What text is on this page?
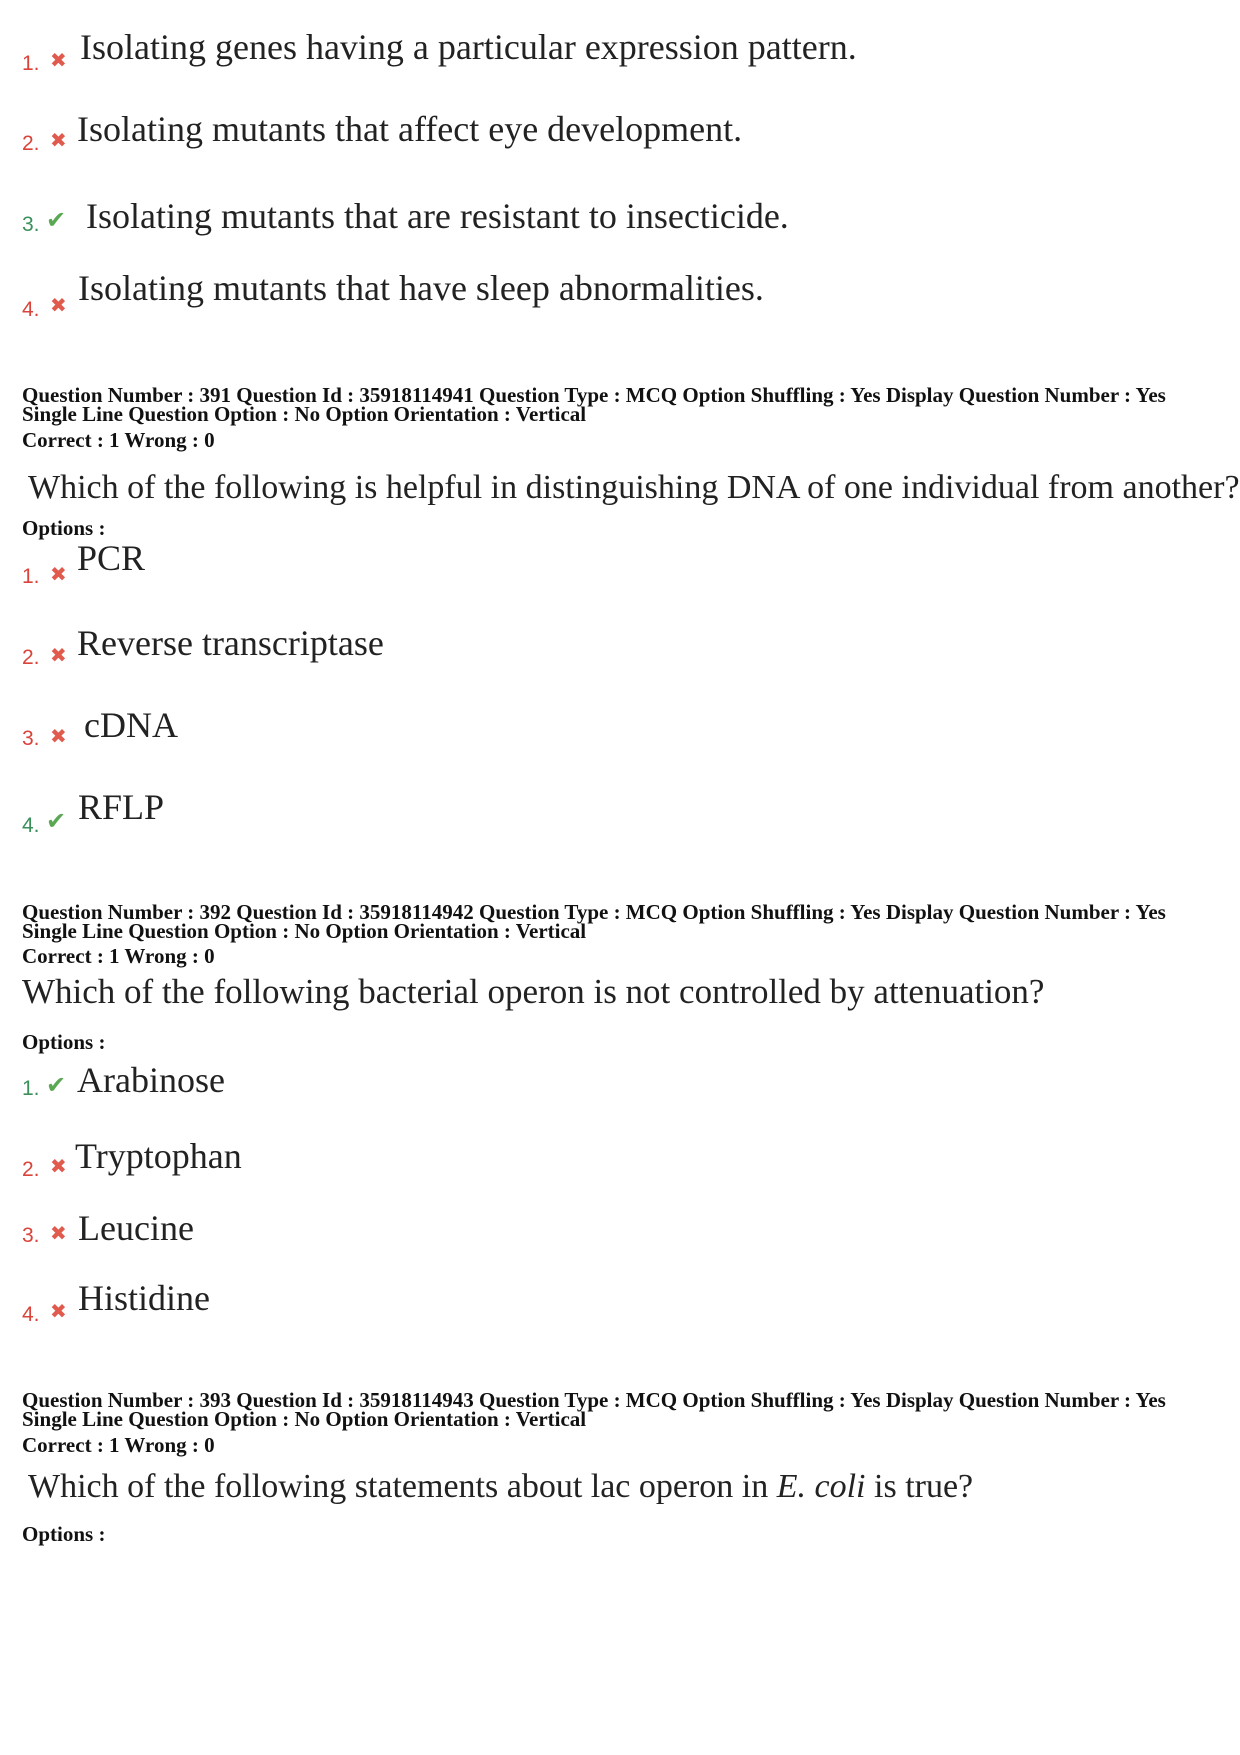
1. ✖ Isolating genes having a particular expression pattern.
2. ✖ Isolating mutants that affect eye development.
3. ✔ Isolating mutants that are resistant to insecticide.
4. ✖ Isolating mutants that have sleep abnormalities.
Question Number : 391 Question Id : 35918114941 Question Type : MCQ Option Shuffling : Yes Display Question Number : Yes
Single Line Question Option : No Option Orientation : Vertical
Correct : 1 Wrong : 0
Which of the following is helpful in distinguishing DNA of one individual from another?
Options :
1. ✖ PCR
2. ✖ Reverse transcriptase
3. ✖ cDNA
4. ✔ RFLP
Question Number : 392 Question Id : 35918114942 Question Type : MCQ Option Shuffling : Yes Display Question Number : Yes
Single Line Question Option : No Option Orientation : Vertical
Correct : 1 Wrong : 0
Which of the following bacterial operon is not controlled by attenuation?
Options :
1. ✔ Arabinose
2. ✖ Tryptophan
3. ✖ Leucine
4. ✖ Histidine
Question Number : 393 Question Id : 35918114943 Question Type : MCQ Option Shuffling : Yes Display Question Number : Yes
Single Line Question Option : No Option Orientation : Vertical
Correct : 1 Wrong : 0
Which of the following statements about lac operon in E. coli is true?
Options :
